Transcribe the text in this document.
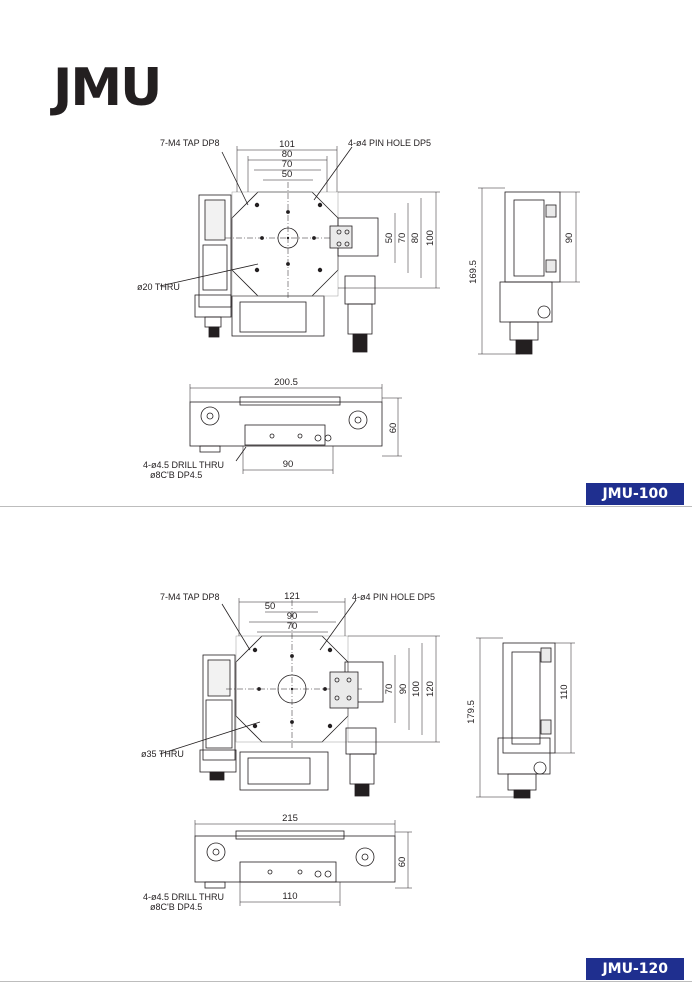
JMU
7-M4 TAP DP8	4-ø4 PIN HOLE DP5
ø20 THRU
101
80
70
50
50 70 80 100
169.5
90
200.5
60
90
4-ø4.5 DRILL THRU
ø8C'B DP4.5
7-M4 TAP DP8	4-ø4 PIN HOLE DP5
ø35 THRU
121
50
90
70
70 90 100 120
179.5
110
215
60
110
4-ø4.5 DRILL THRU
ø8C'B DP4.5
JMU-100
JMU-120
